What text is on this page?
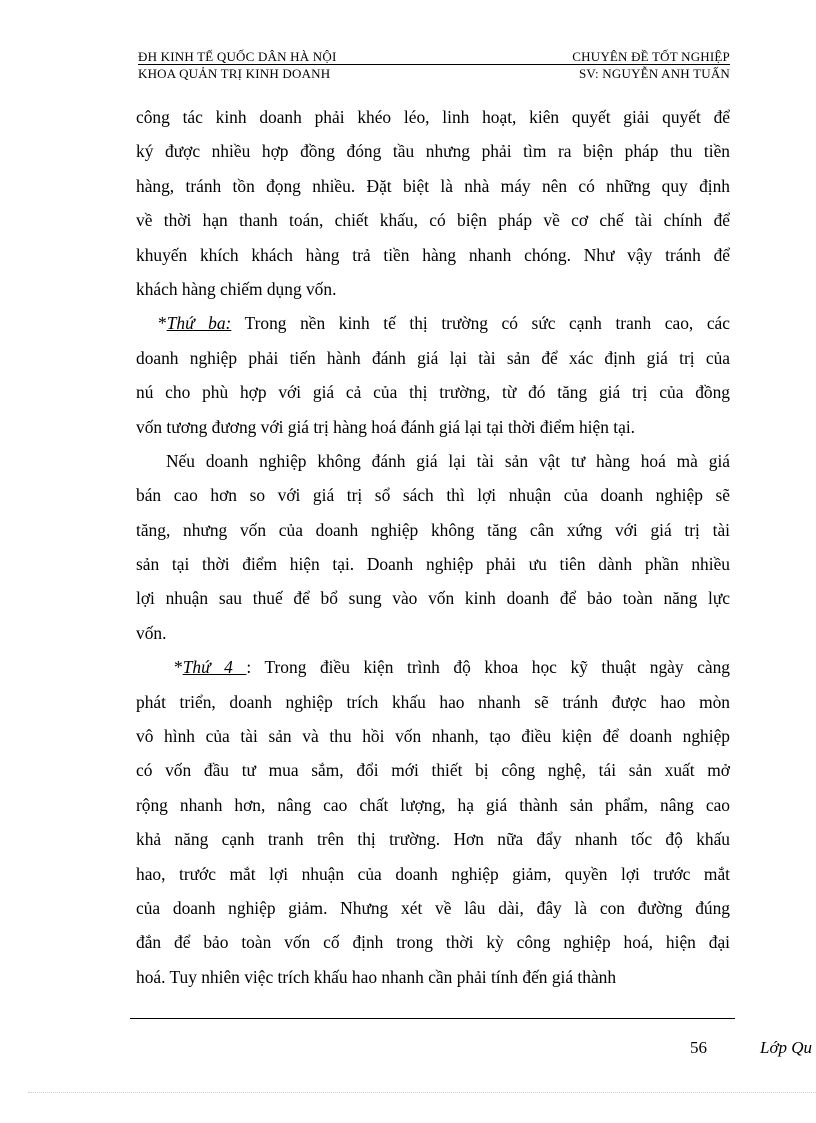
ĐH KINH TẾ QUỐC DÂN HÀ NỘI	CHUYÊN ĐỀ TỐT NGHIỆP
KHOA QUẢN TRỊ KINH DOANH	SV: NGUYỄN ANH TUẤN
công tác kinh doanh phải khéo léo, linh hoạt, kiên quyết giải quyết để
ký được nhiều hợp đồng đóng tầu nhưng phải tìm ra biện pháp thu tiền
hàng, tránh tồn đọng nhiều. Đặt biệt là nhà máy nên có những quy định
về thời hạn thanh toán, chiết khấu, có biện pháp về cơ chế tài chính để
khuyến khích khách hàng trả tiền hàng nhanh chóng. Như vậy tránh để
khách hàng chiếm dụng vốn.
*Thứ ba: Trong nền kinh tế thị trường có sức cạnh tranh cao, các
doanh nghiệp phải tiến hành đánh giá lại tài sản để xác định giá trị của
nú cho phù hợp với giá cả của thị trường, từ đó tăng giá trị của đồng
vốn tương đương với giá trị hàng hoá đánh giá lại tại thời điểm hiện tại.
Nếu doanh nghiệp không đánh giá lại tài sản vật tư hàng hoá mà giá
bán cao hơn so với giá trị sổ sách thì lợi nhuận của doanh nghiệp sẽ
tăng, nhưng vốn của doanh nghiệp không tăng cân xứng với giá trị tài
sản tại thời điểm hiện tại. Doanh nghiệp phải ưu tiên dành phần nhiều
lợi nhuận sau thuế để bổ sung vào vốn kinh doanh để bảo toàn năng lực
vốn.
*Thứ 4 : Trong điều kiện trình độ khoa học kỹ thuật ngày càng
phát triển, doanh nghiệp trích khấu hao nhanh sẽ tránh được hao mòn
vô hình của tài sản và thu hồi vốn nhanh, tạo điều kiện để doanh nghiệp
có vốn đầu tư mua sắm, đổi mới thiết bị công nghệ, tái sản xuất mở
rộng nhanh hơn, nâng cao chất lượng, hạ giá thành sản phẩm, nâng cao
khả năng cạnh tranh trên thị trường. Hơn nữa đẩy nhanh tốc độ khấu
hao, trước mắt lợi nhuận của doanh nghiệp giảm, quyền lợi trước mắt
của doanh nghiệp giảm. Nhưng xét về lâu dài, đây là con đường đúng
đắn để bảo toàn vốn cố định trong thời kỳ công nghiệp hoá, hiện đại
hoá. Tuy nhiên việc trích khấu hao nhanh cần phải tính đến giá thành
56	Lớp Qu
